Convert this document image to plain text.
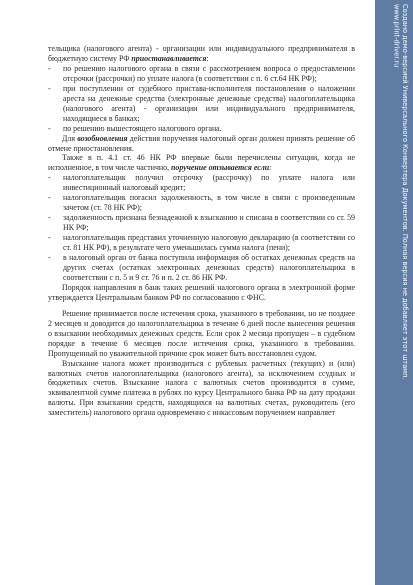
тельщика (налогового агента) - организации или индивидуального предпринимателя в бюджетную систему РФ приостанавливается:

- по решению налогового органа в связи с рассмотрением вопроса о предоставлении отсрочки (рассрочки) по уплате налога (в соответствии с п. 6 ст.64 НК РФ);

- при поступлении от судебного пристава-исполнителя постановления о наложении ареста на денежные средства (электронные денежные средства) налогоплательщика (налогового агента) - организации или индивидуального предпринимателя, находящиеся в банках;

- по решению вышестоящего налогового органа.

Для возобновления действия поручения налоговый орган должен принять решение об отмене приостановления.

Также в п. 4.1 ст. 46 НК РФ впервые были перечислены ситуации, когда не исполненное, в том числе частично, поручение отзывается если:

- налогоплательщик получил отсрочку (рассрочку) по уплате налога или инвестиционный налоговый кредит;

- налогоплательщик погасил задолженность, в том числе в связи с произведенным зачетом (ст. 78 НК РФ);

- задолженность признана безнадежной к взысканию и списана в соответствии со ст. 59 НК РФ;

- налогоплательщик представил уточненную налоговую декларацию (в соответствии со ст. 81 НК РФ), в результате чего уменьшилась сумма налога (пени);

- в налоговый орган от банка поступила информация об остатках денежных средств на других счетах (остатках электронных денежных средств) налогоплательщика в соответствии с п. 5 и 9 ст. 76 и п. 2 ст. 86 НК РФ.

Порядок направления в банк таких решений налогового органа в электронной форме утверждается Центральным банком РФ по согласованию с ФНС.

Решение принимается после истечения срока, указанного в требовании, но не позднее 2 месяцев и доводится до налогоплательщика в течение 6 дней после вынесения решения о взыскании необходимых денежных средств. Если срок 2 месяца пропущен – в судебном порядке в течение 6 месяцев после истечения срока, указанного в требовании. Пропущенный по уважительной причине срок может быть восстановлен судом.

Взыскание налога может производиться с рублевых расчетных (текущих) и (или) валютных счетов налогоплательщика (налогового агента), за исключением ссудных и бюджетных счетов. Взыскание налога с валютных счетов производится в сумме, эквивалентной сумме платежа в рублях по курсу Центрального банка РФ на дату продажи валюты. При взыскании средств, находящихся на валютных счетах, руководитель (его заместитель) налогового органа одновременно с инкассовым поручением направляет

Создано демо-версией Универсального Конвертера Документов. Полная версия не добавляет этот штамп.
www.print-driver.ru
